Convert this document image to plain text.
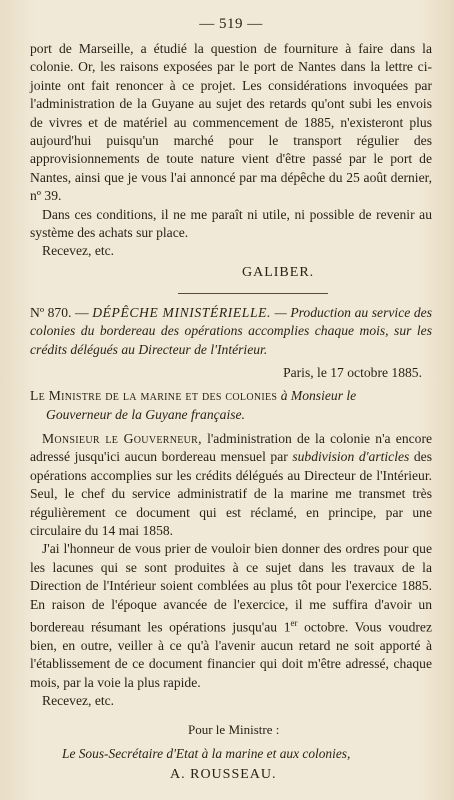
— 519 —

port de Marseille, a étudié la question de fourniture à faire dans la colonie. Or, les raisons exposées par le port de Nantes dans la lettre ci-jointe ont fait renoncer à ce projet. Les considérations invoquées par l'administration de la Guyane au sujet des retards qu'ont subi les envois de vivres et de matériel au commencement de 1885, n'existeront plus aujourd'hui puisqu'un marché pour le transport régulier des approvisionnements de toute nature vient d'être passé par le port de Nantes, ainsi que je vous l'ai annoncé par ma dépêche du 25 août dernier, nº 39.

Dans ces conditions, il ne me paraît ni utile, ni possible de revenir au système des achats sur place.

Recevez, etc.

GALIBER.

Nº 870. — DÉPÊCHE MINISTÉRIELLE. — Production au service des colonies du bordereau des opérations accomplies chaque mois, sur les crédits délégués au Directeur de l'Intérieur.

Paris, le 17 octobre 1885.

Le Ministre de la marine et des colonies à Monsieur le
Gouverneur de la Guyane française.

Monsieur le Gouverneur, l'administration de la colonie n'a encore adressé jusqu'ici aucun bordereau mensuel par subdivision d'articles des opérations accomplies sur les crédits délégués au Directeur de l'Intérieur. Seul, le chef du service administratif de la marine me transmet très régulièrement ce document qui est réclamé, en principe, par une circulaire du 14 mai 1858.

J'ai l'honneur de vous prier de vouloir bien donner des ordres pour que les lacunes qui se sont produites à ce sujet dans les travaux de la Direction de l'Intérieur soient comblées au plus tôt pour l'exercice 1885. En raison de l'époque avancée de l'exercice, il me suffira d'avoir un bordereau résumant les opérations jusqu'au 1er octobre. Vous voudrez bien, en outre, veiller à ce qu'à l'avenir aucun retard ne soit apporté à l'établissement de ce document financier qui doit m'être adressé, chaque mois, par la voie la plus rapide.

Recevez, etc.

Pour le Ministre :
Le Sous-Secrétaire d'Etat à la marine et aux colonies,
A. ROUSSEAU.
